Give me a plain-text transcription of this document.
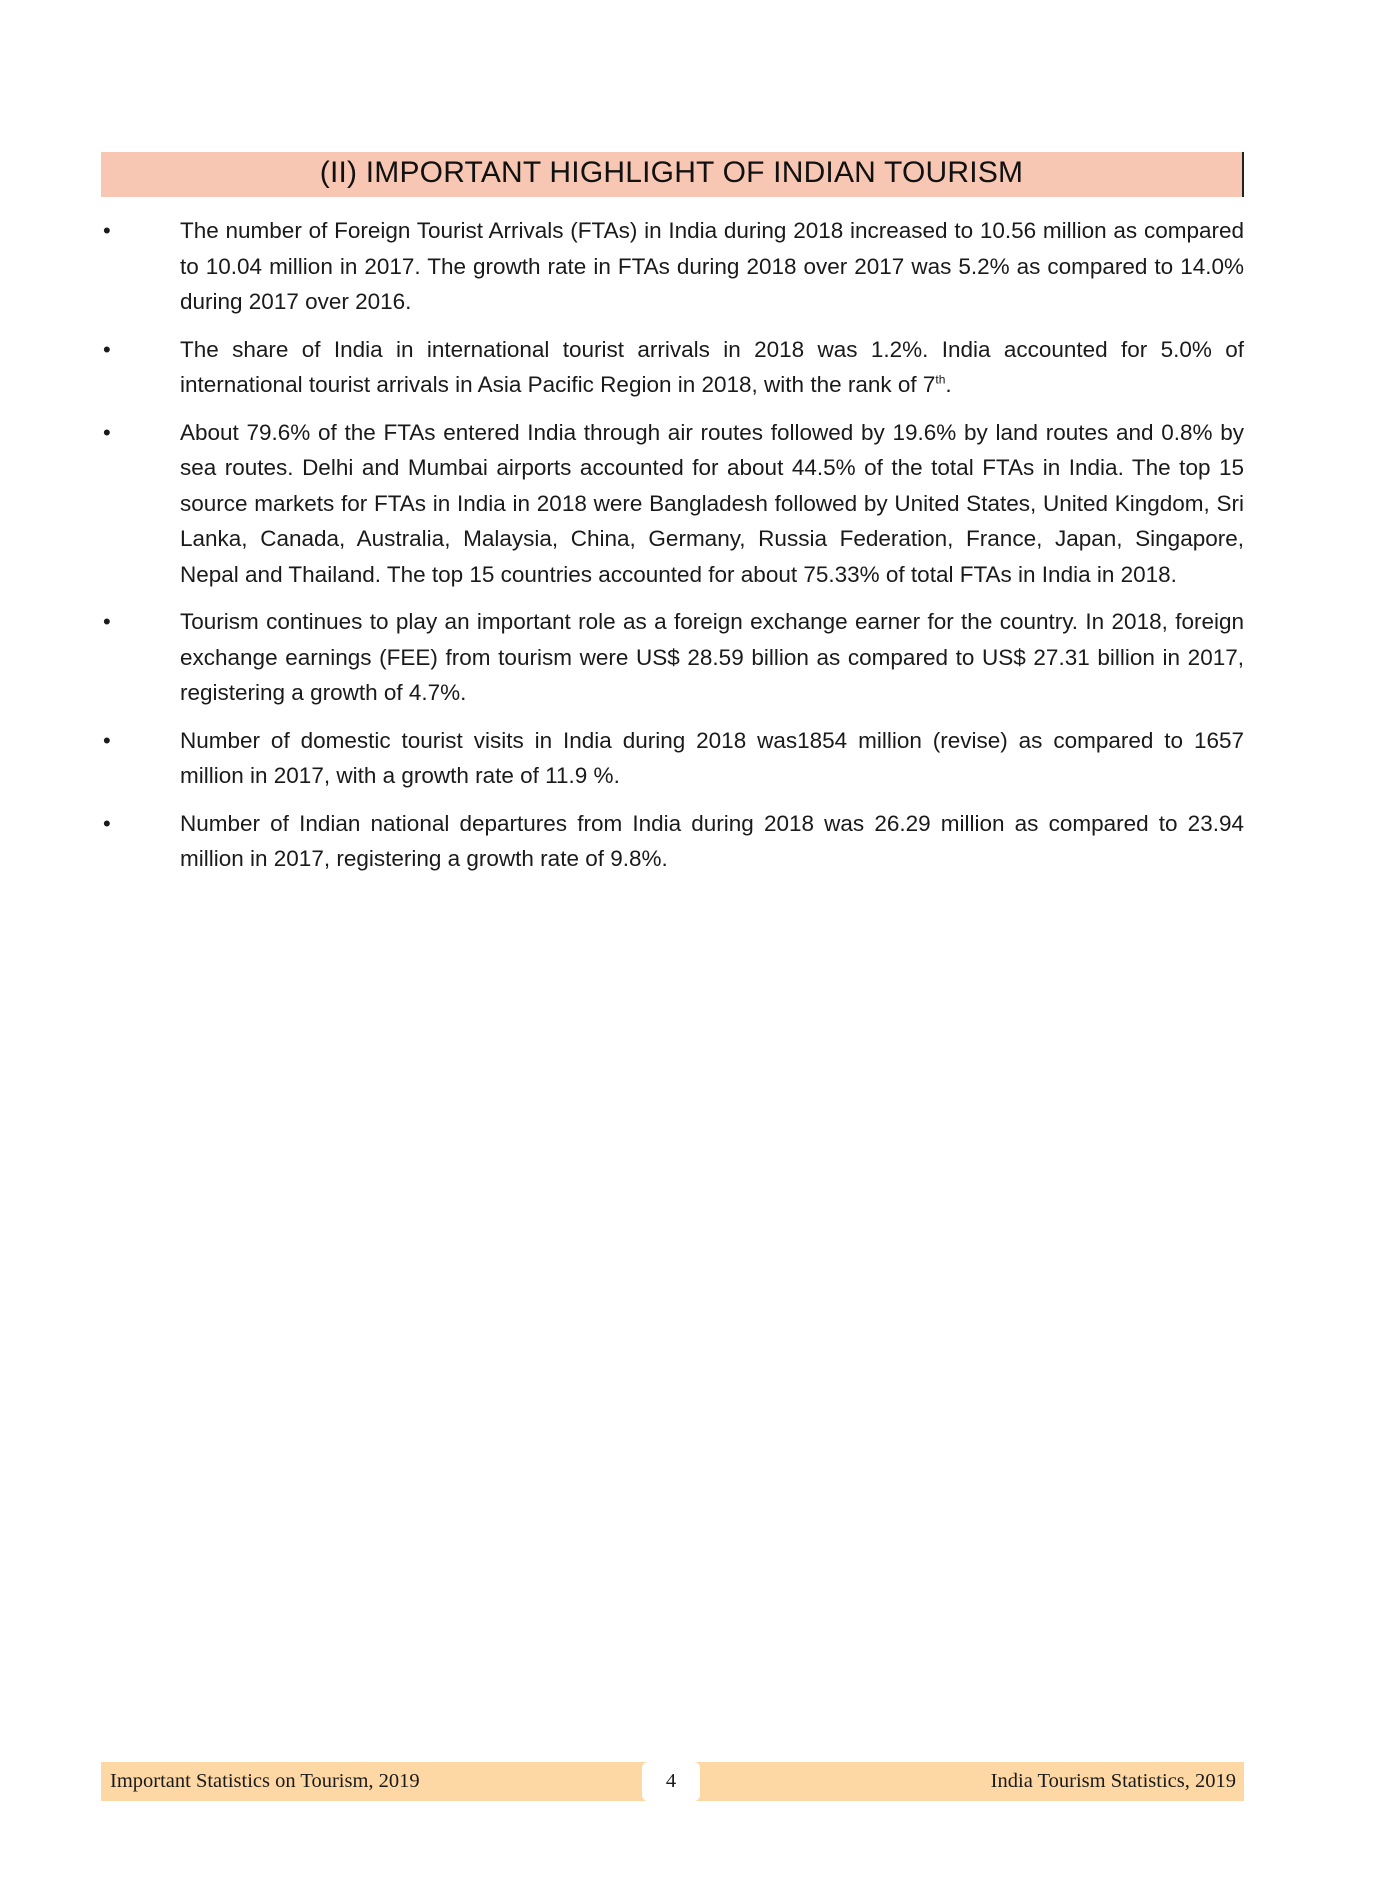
(II) IMPORTANT HIGHLIGHT OF INDIAN TOURISM
•	The number of Foreign Tourist Arrivals (FTAs) in India during 2018 increased to 10.56 million as compared to 10.04 million in 2017. The growth rate in FTAs during 2018 over 2017 was 5.2% as compared to 14.0% during 2017 over 2016.
•	The share of India in international tourist arrivals in 2018 was 1.2%. India accounted for 5.0% of international tourist arrivals in Asia Pacific Region in 2018, with the rank of 7th.
•	About 79.6% of the FTAs entered India through air routes followed by 19.6% by land routes and 0.8% by sea routes. Delhi and Mumbai airports accounted for about 44.5% of the total FTAs in India. The top 15 source markets for FTAs in India in 2018 were Bangladesh followed by United States, United Kingdom, Sri Lanka, Canada, Australia, Malaysia, China, Germany, Russia Federation, France, Japan, Singapore, Nepal and Thailand. The top 15 countries accounted for about 75.33% of total FTAs in India in 2018.
•	Tourism continues to play an important role as a foreign exchange earner for the country. In 2018, foreign exchange earnings (FEE) from tourism were US$ 28.59 billion as compared to US$ 27.31 billion in 2017, registering a growth of 4.7%.
•	Number of domestic tourist visits in India during 2018 was1854 million (revise) as compared to 1657 million in 2017, with a growth rate of 11.9 %.
•	Number of Indian national departures from India during 2018 was 26.29 million as compared to 23.94 million in 2017, registering a growth rate of 9.8%.
Important Statistics on Tourism, 2019	4	India Tourism Statistics, 2019
